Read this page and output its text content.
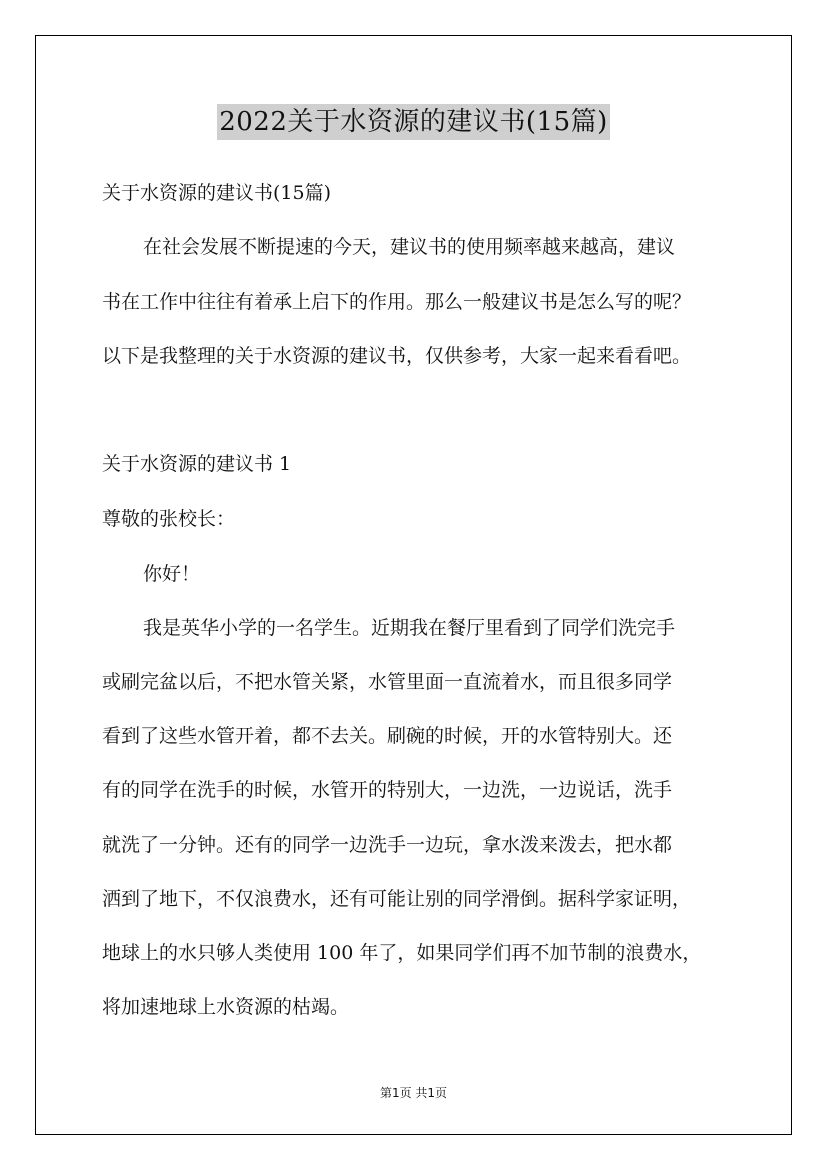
2022关于水资源的建议书(15篇)

关于水资源的建议书(15篇)

在社会发展不断提速的今天，建议书的使用频率越来越高，建议

书在工作中往往有着承上启下的作用。那么一般建议书是怎么写的呢？

以下是我整理的关于水资源的建议书，仅供参考，大家一起来看看吧。

关于水资源的建议书 1

尊敬的张校长：

你好！

我是英华小学的一名学生。近期我在餐厅里看到了同学们洗完手

或刷完盆以后，不把水管关紧，水管里面一直流着水，而且很多同学

看到了这些水管开着，都不去关。刷碗的时候，开的水管特别大。还

有的同学在洗手的时候，水管开的特别大，一边洗，一边说话，洗手

就洗了一分钟。还有的同学一边洗手一边玩，拿水泼来泼去，把水都

洒到了地下，不仅浪费水，还有可能让别的同学滑倒。据科学家证明，

地球上的水只够人类使用 100 年了，如果同学们再不加节制的浪费水，

将加速地球上水资源的枯竭。

第1页 共1页
